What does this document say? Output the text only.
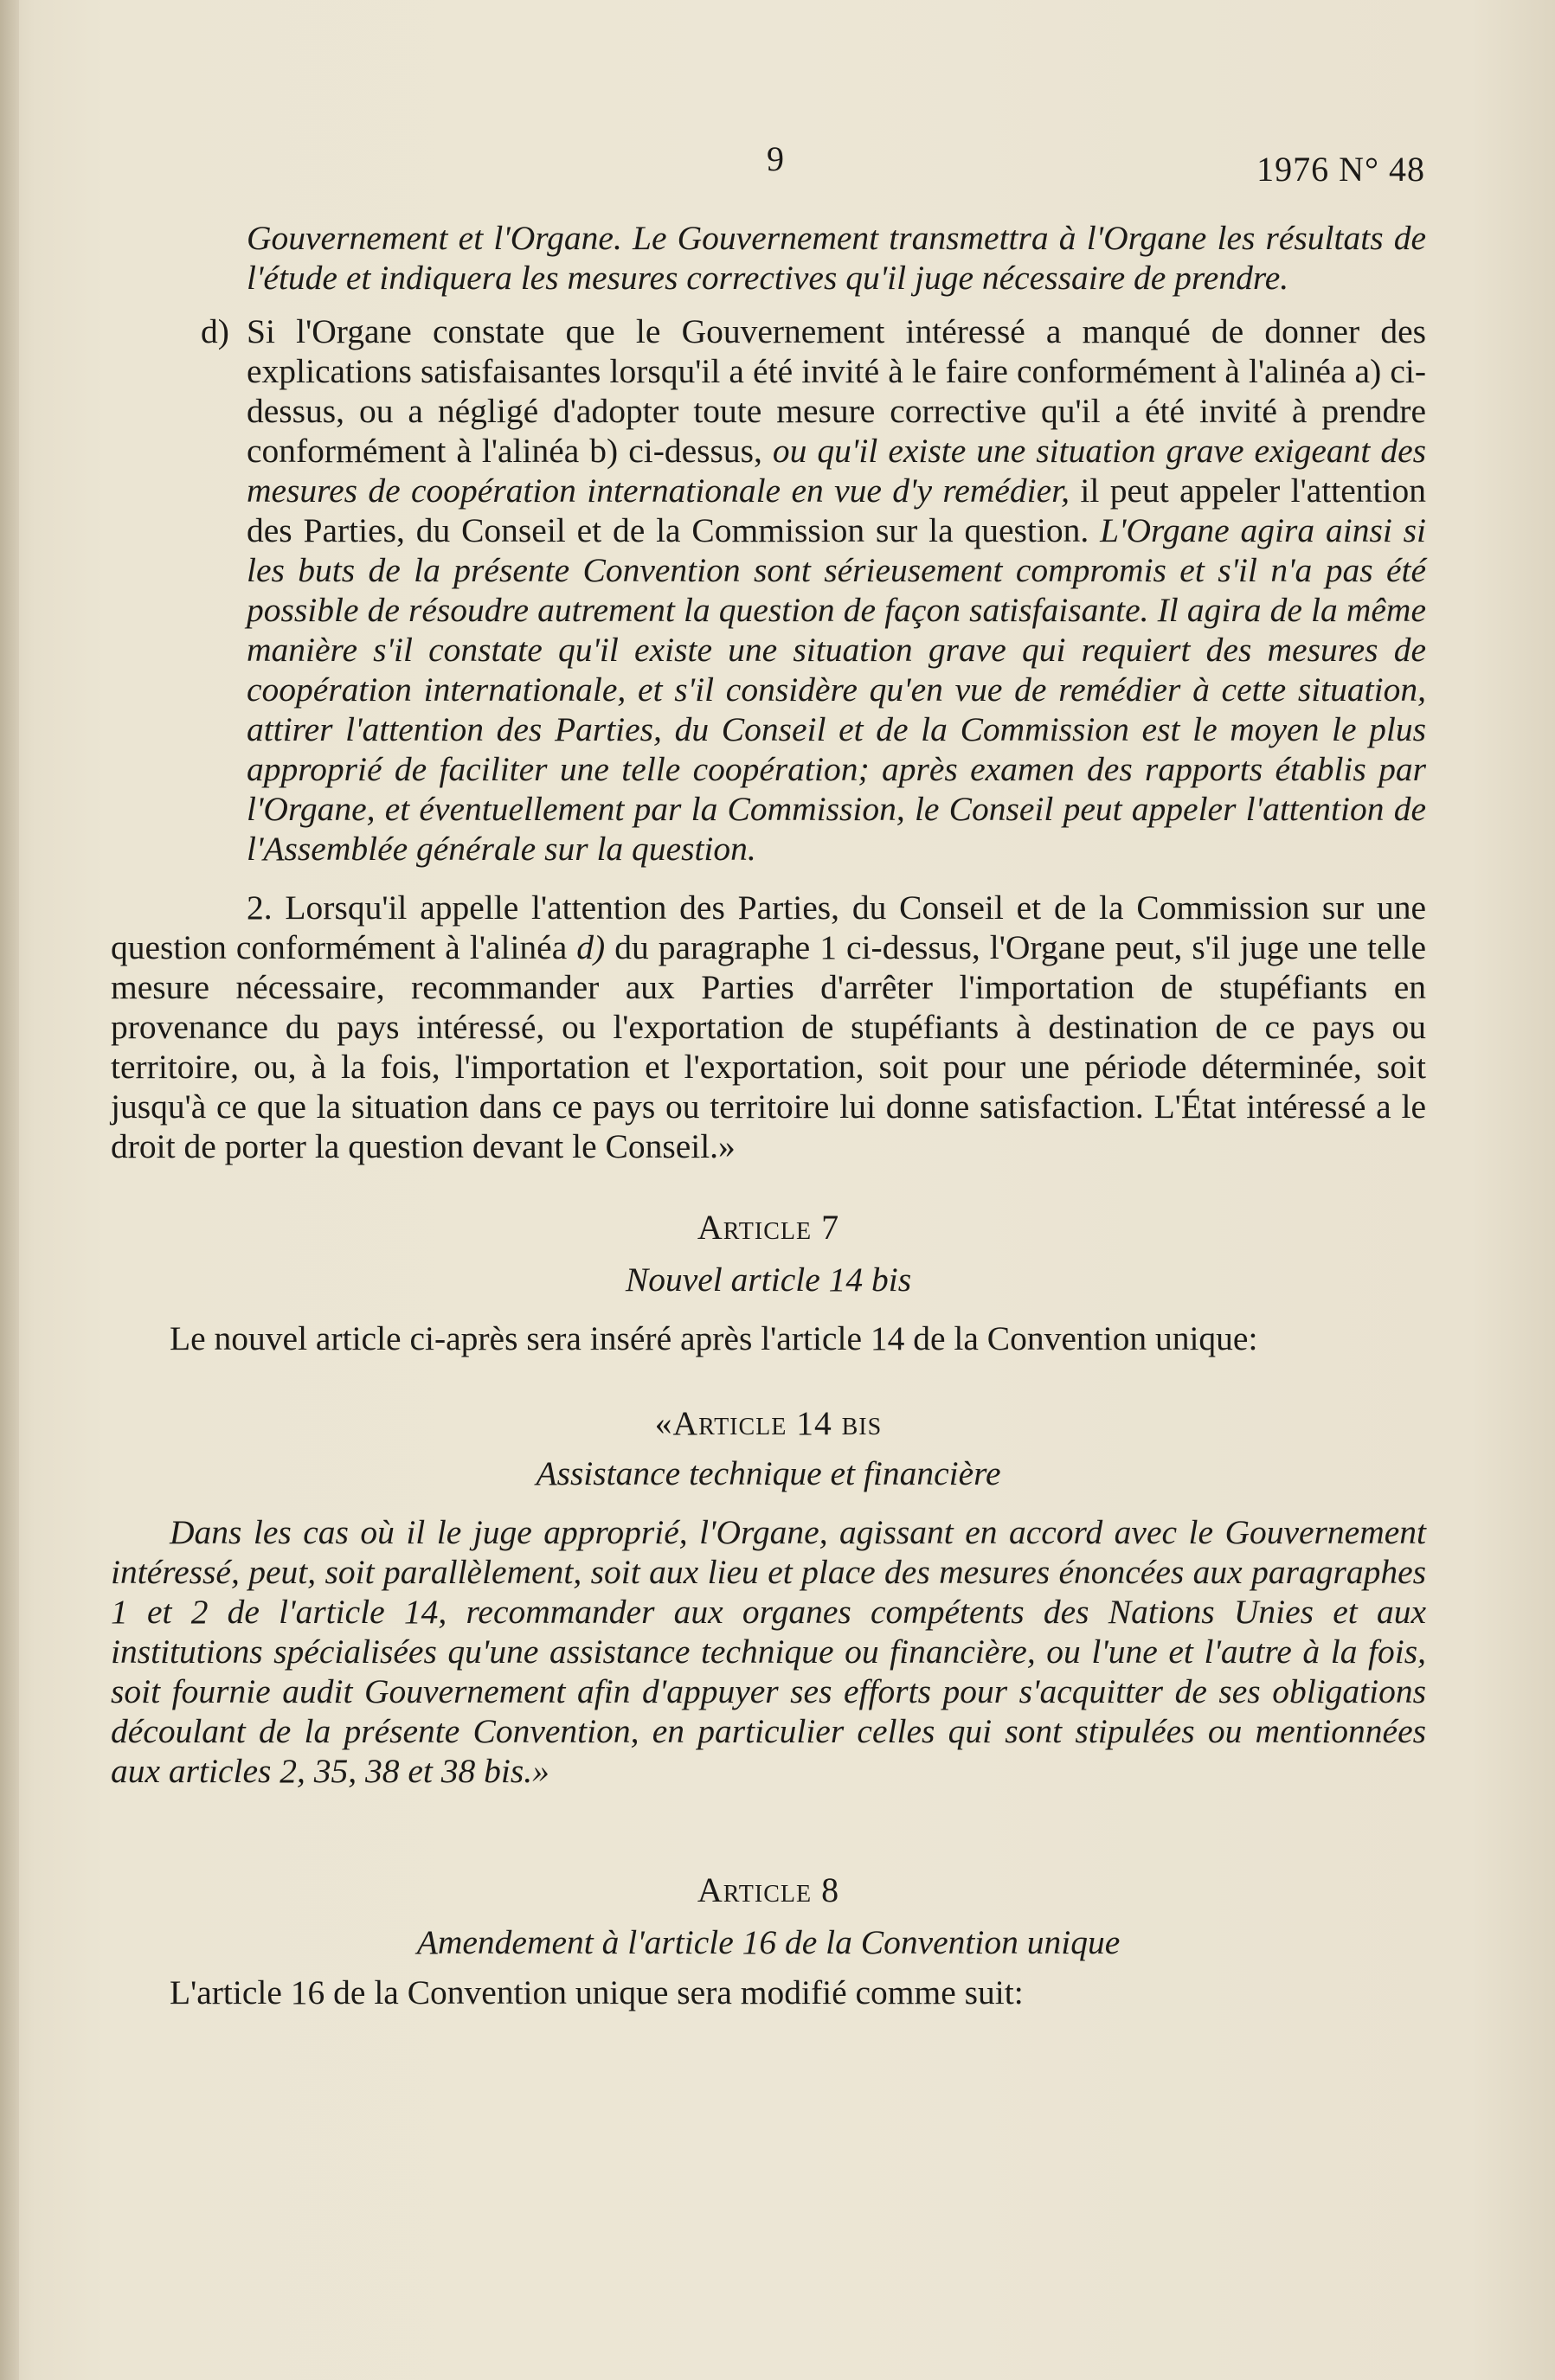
9	1976 N° 48

Gouvernement et l'Organe. Le Gouvernement transmettra à l'Organe les résultats de l'étude et indiquera les mesures correctives qu'il juge nécessaire de prendre.

d) Si l'Organe constate que le Gouvernement intéressé a manqué de donner des explications satisfaisantes lorsqu'il a été invité à le faire conformément à l'alinéa a) ci-dessus, ou a négligé d'adopter toute mesure corrective qu'il a été invité à prendre conformément à l'alinéa b) ci-dessus, ou qu'il existe une situation grave exigeant des mesures de coopération internationale en vue d'y remédier, il peut appeler l'attention des Parties, du Conseil et de la Commission sur la question. L'Organe agira ainsi si les buts de la présente Convention sont sérieusement compromis et s'il n'a pas été possible de résoudre autrement la question de façon satisfaisante. Il agira de la même manière s'il constate qu'il existe une situation grave qui requiert des mesures de coopération internationale, et s'il considère qu'en vue de remédier à cette situation, attirer l'attention des Parties, du Conseil et de la Commission est le moyen le plus approprié de faciliter une telle coopération; après examen des rapports établis par l'Organe, et éventuellement par la Commission, le Conseil peut appeler l'attention de l'Assemblée générale sur la question.

2. Lorsqu'il appelle l'attention des Parties, du Conseil et de la Commission sur une question conformément à l'alinéa d) du paragraphe 1 ci-dessus, l'Organe peut, s'il juge une telle mesure nécessaire, recommander aux Parties d'arrêter l'importation de stupéfiants en provenance du pays intéressé, ou l'exportation de stupéfiants à destination de ce pays ou territoire, ou, à la fois, l'importation et l'exportation, soit pour une période déterminée, soit jusqu'à ce que la situation dans ce pays ou territoire lui donne satisfaction. L'État intéressé a le droit de porter la question devant le Conseil.»

Article 7
Nouvel article 14 bis

Le nouvel article ci-après sera inséré après l'article 14 de la Convention unique:

«Article 14 bis
Assistance technique et financière

Dans les cas où il le juge approprié, l'Organe, agissant en accord avec le Gouvernement intéressé, peut, soit parallèlement, soit aux lieu et place des mesures énoncées aux paragraphes 1 et 2 de l'article 14, recommander aux organes compétents des Nations Unies et aux institutions spécialisées qu'une assistance technique ou financière, ou l'une et l'autre à la fois, soit fournie audit Gouvernement afin d'appuyer ses efforts pour s'acquitter de ses obligations découlant de la présente Convention, en particulier celles qui sont stipulées ou mentionnées aux articles 2, 35, 38 et 38 bis.»

Article 8
Amendement à l'article 16 de la Convention unique

L'article 16 de la Convention unique sera modifié comme suit:
